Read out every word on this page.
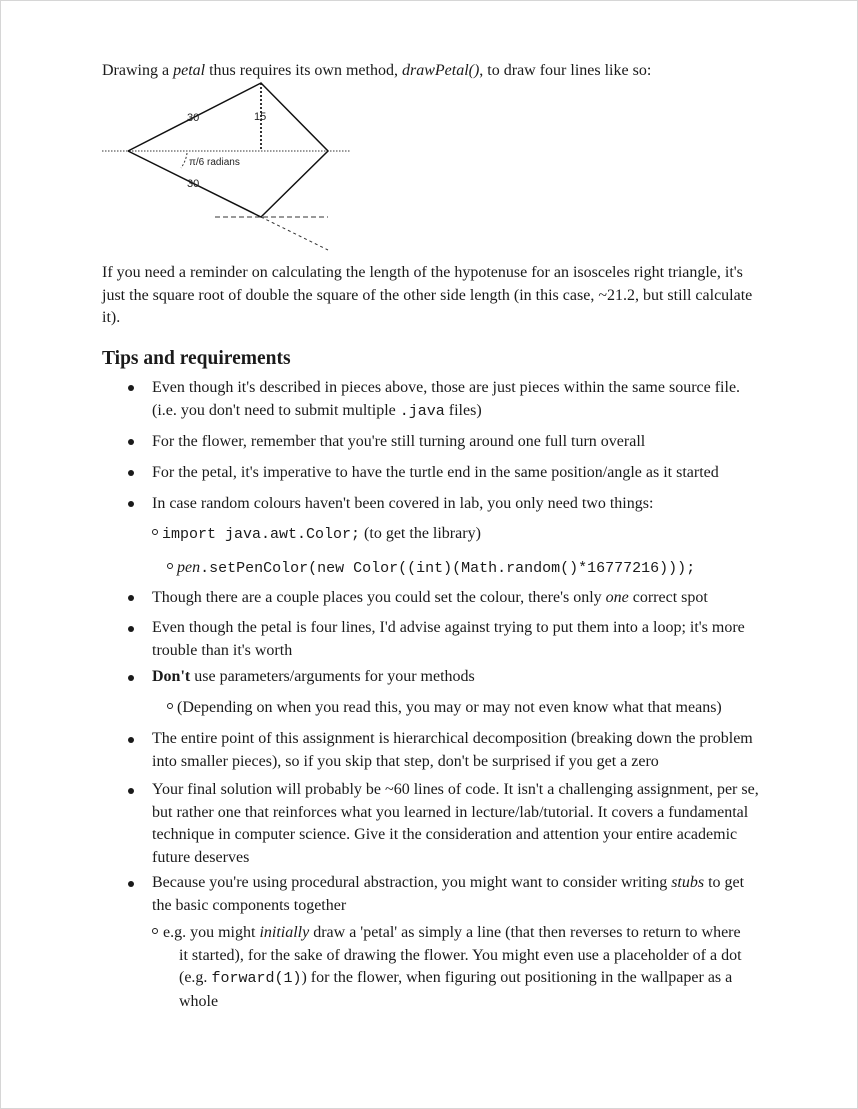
Drawing a petal thus requires its own method, drawPetal(), to draw four lines like so:

30	15
π/6 radians
30

If you need a reminder on calculating the length of the hypotenuse for an isosceles right triangle, it's just the square root of double the square of the other side length (in this case, ~21.2, but still calculate it).

Tips and requirements
Even though it's described in pieces above, those are just pieces within the same source file. (i.e. you don't need to submit multiple .java files)
For the flower, remember that you're still turning around one full turn overall
For the petal, it's imperative to have the turtle end in the same position/angle as it started
In case random colours haven't been covered in lab, you only need two things:
import java.awt.Color; (to get the library)
pen.setPenColor(new Color((int)(Math.random()*16777216)));
Though there are a couple places you could set the colour, there's only one correct spot
Even though the petal is four lines, I'd advise against trying to put them into a loop; it's more trouble than it's worth
Don't use parameters/arguments for your methods
(Depending on when you read this, you may or may not even know what that means)
The entire point of this assignment is hierarchical decomposition (breaking down the problem into smaller pieces), so if you skip that step, don't be surprised if you get a zero
Your final solution will probably be ~60 lines of code. It isn't a challenging assignment, per se, but rather one that reinforces what you learned in lecture/lab/tutorial. It covers a fundamental technique in computer science. Give it the consideration and attention your entire academic future deserves
Because you're using procedural abstraction, you might want to consider writing stubs to get the basic components together
e.g. you might initially draw a 'petal' as simply a line (that then reverses to return to where it started), for the sake of drawing the flower. You might even use a placeholder of a dot (e.g. forward(1)) for the flower, when figuring out positioning in the wallpaper as a whole
